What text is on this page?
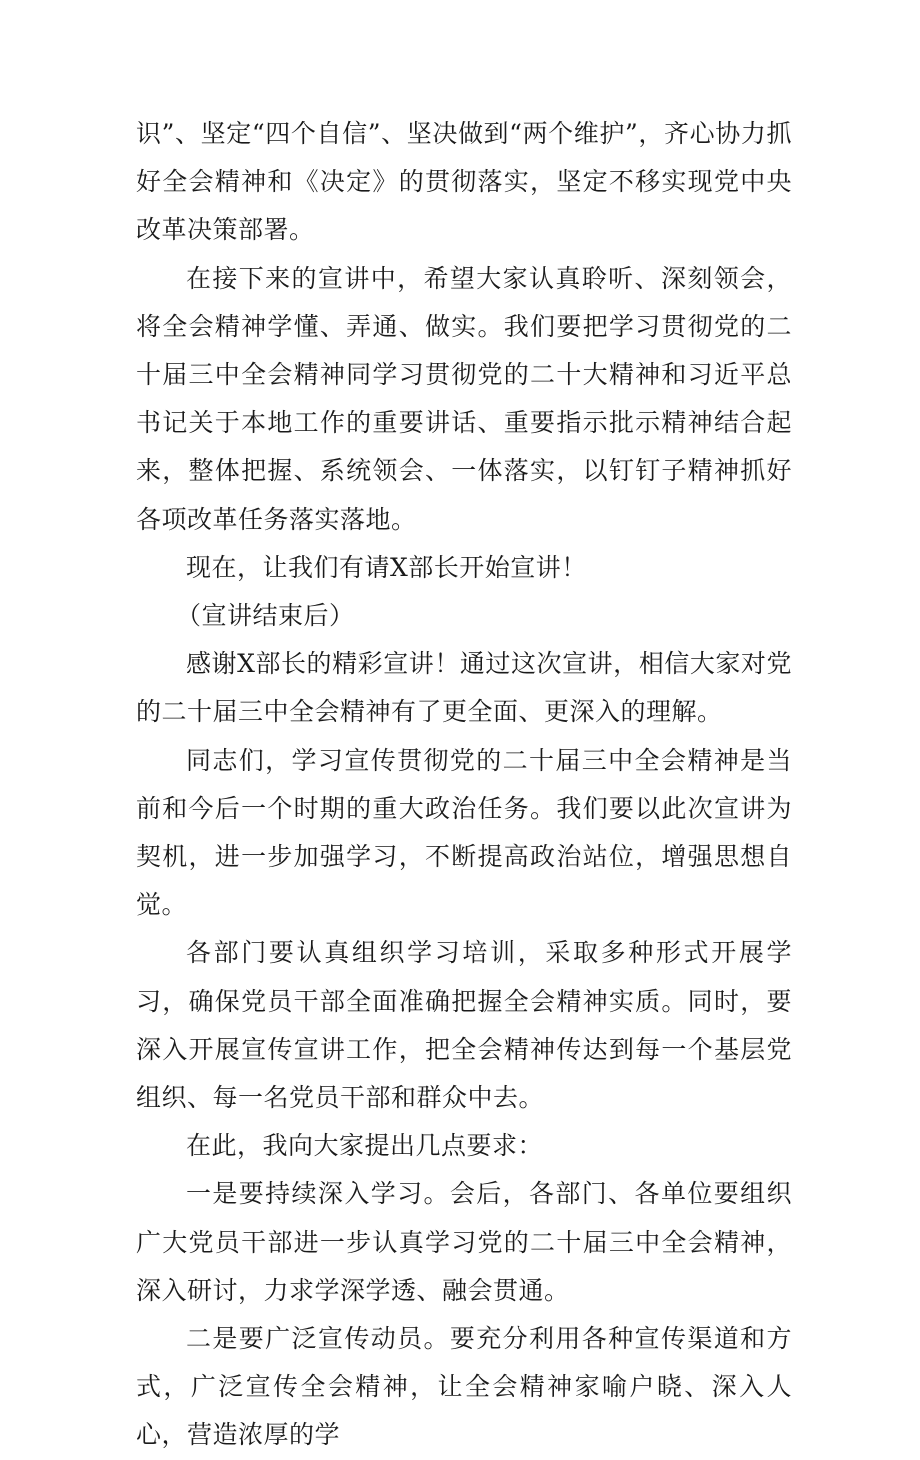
识”、坚定“四个自信”、坚决做到“两个维护”，齐心协力抓好全会精神和《决定》的贯彻落实，坚定不移实现党中央改革决策部署。

在接下来的宣讲中，希望大家认真聆听、深刻领会，将全会精神学懂、弄通、做实。我们要把学习贯彻党的二十届三中全会精神同学习贯彻党的二十大精神和习近平总书记关于本地工作的重要讲话、重要指示批示精神结合起来，整体把握、系统领会、一体落实，以钉钉子精神抓好各项改革任务落实落地。

现在，让我们有请X部长开始宣讲！

（宣讲结束后）

感谢X部长的精彩宣讲！通过这次宣讲，相信大家对党的二十届三中全会精神有了更全面、更深入的理解。

同志们，学习宣传贯彻党的二十届三中全会精神是当前和今后一个时期的重大政治任务。我们要以此次宣讲为契机，进一步加强学习，不断提高政治站位，增强思想自觉。

各部门要认真组织学习培训，采取多种形式开展学习，确保党员干部全面准确把握全会精神实质。同时，要深入开展宣传宣讲工作，把全会精神传达到每一个基层党组织、每一名党员干部和群众中去。

在此，我向大家提出几点要求：

一是要持续深入学习。会后，各部门、各单位要组织广大党员干部进一步认真学习党的二十届三中全会精神，深入研讨，力求学深学透、融会贯通。

二是要广泛宣传动员。要充分利用各种宣传渠道和方式，广泛宣传全会精神，让全会精神家喻户晓、深入人心，营造浓厚的学
